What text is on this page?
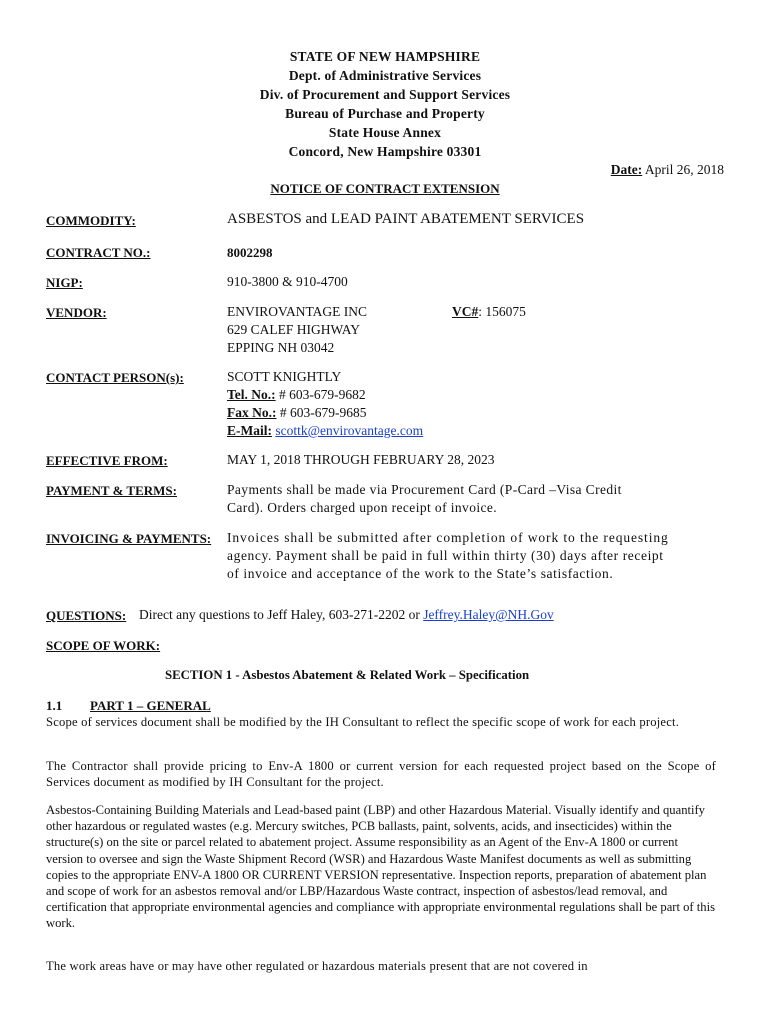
STATE OF NEW HAMPSHIRE
Dept. of Administrative Services
Div. of Procurement and Support Services
Bureau of Purchase and Property
State House Annex
Concord, New Hampshire 03301
Date: April 26, 2018
NOTICE OF CONTRACT EXTENSION
COMMODITY:	ASBESTOS and LEAD PAINT ABATEMENT SERVICES
CONTRACT NO.:	8002298
NIGP:	910-3800 & 910-4700
VENDOR:	ENVIROVANTAGE INC
629 CALEF HIGHWAY
EPPING NH 03042
VC#: 156075
CONTACT PERSON(s):	SCOTT KNIGHTLY
Tel. No.: # 603-679-9682
Fax No.: # 603-679-9685
E-Mail: scottk@envirovantage.com
EFFECTIVE FROM:	MAY 1, 2018 THROUGH FEBRUARY 28, 2023
PAYMENT & TERMS:	Payments shall be made via Procurement Card (P-Card –Visa Credit
Card). Orders charged upon receipt of invoice.
INVOICING & PAYMENTS: Invoices shall be submitted after completion of work to the requesting
agency. Payment shall be paid in full within thirty (30) days after receipt
of invoice and acceptance of the work to the State’s satisfaction.
QUESTIONS: Direct any questions to Jeff Haley, 603-271-2202 or Jeffrey.Haley@NH.Gov
SCOPE OF WORK:
SECTION 1 - Asbestos Abatement & Related Work – Specification
1.1 PART 1 – GENERAL
Scope of services document shall be modified by the IH Consultant to reflect the specific scope of work for each project.
The Contractor shall provide pricing to Env-A 1800 or current version for each requested project based on the Scope of Services document as modified by IH Consultant for the project.
Asbestos-Containing Building Materials and Lead-based paint (LBP) and other Hazardous Material. Visually identify and quantify other hazardous or regulated wastes (e.g. Mercury switches, PCB ballasts, paint, solvents, acids, and insecticides) within the structure(s) on the site or parcel related to abatement project. Assume responsibility as an Agent of the Env-A 1800 or current version to oversee and sign the Waste Shipment Record (WSR) and Hazardous Waste Manifest documents as well as submitting copies to the appropriate ENV-A 1800 OR CURRENT VERSION representative. Inspection reports, preparation of abatement plan and scope of work for an asbestos removal and/or LBP/Hazardous Waste contract, inspection of asbestos/lead removal, and certification that appropriate environmental agencies and compliance with appropriate environmental regulations shall be part of this work.
The work areas have or may have other regulated or hazardous materials present that are not covered in
